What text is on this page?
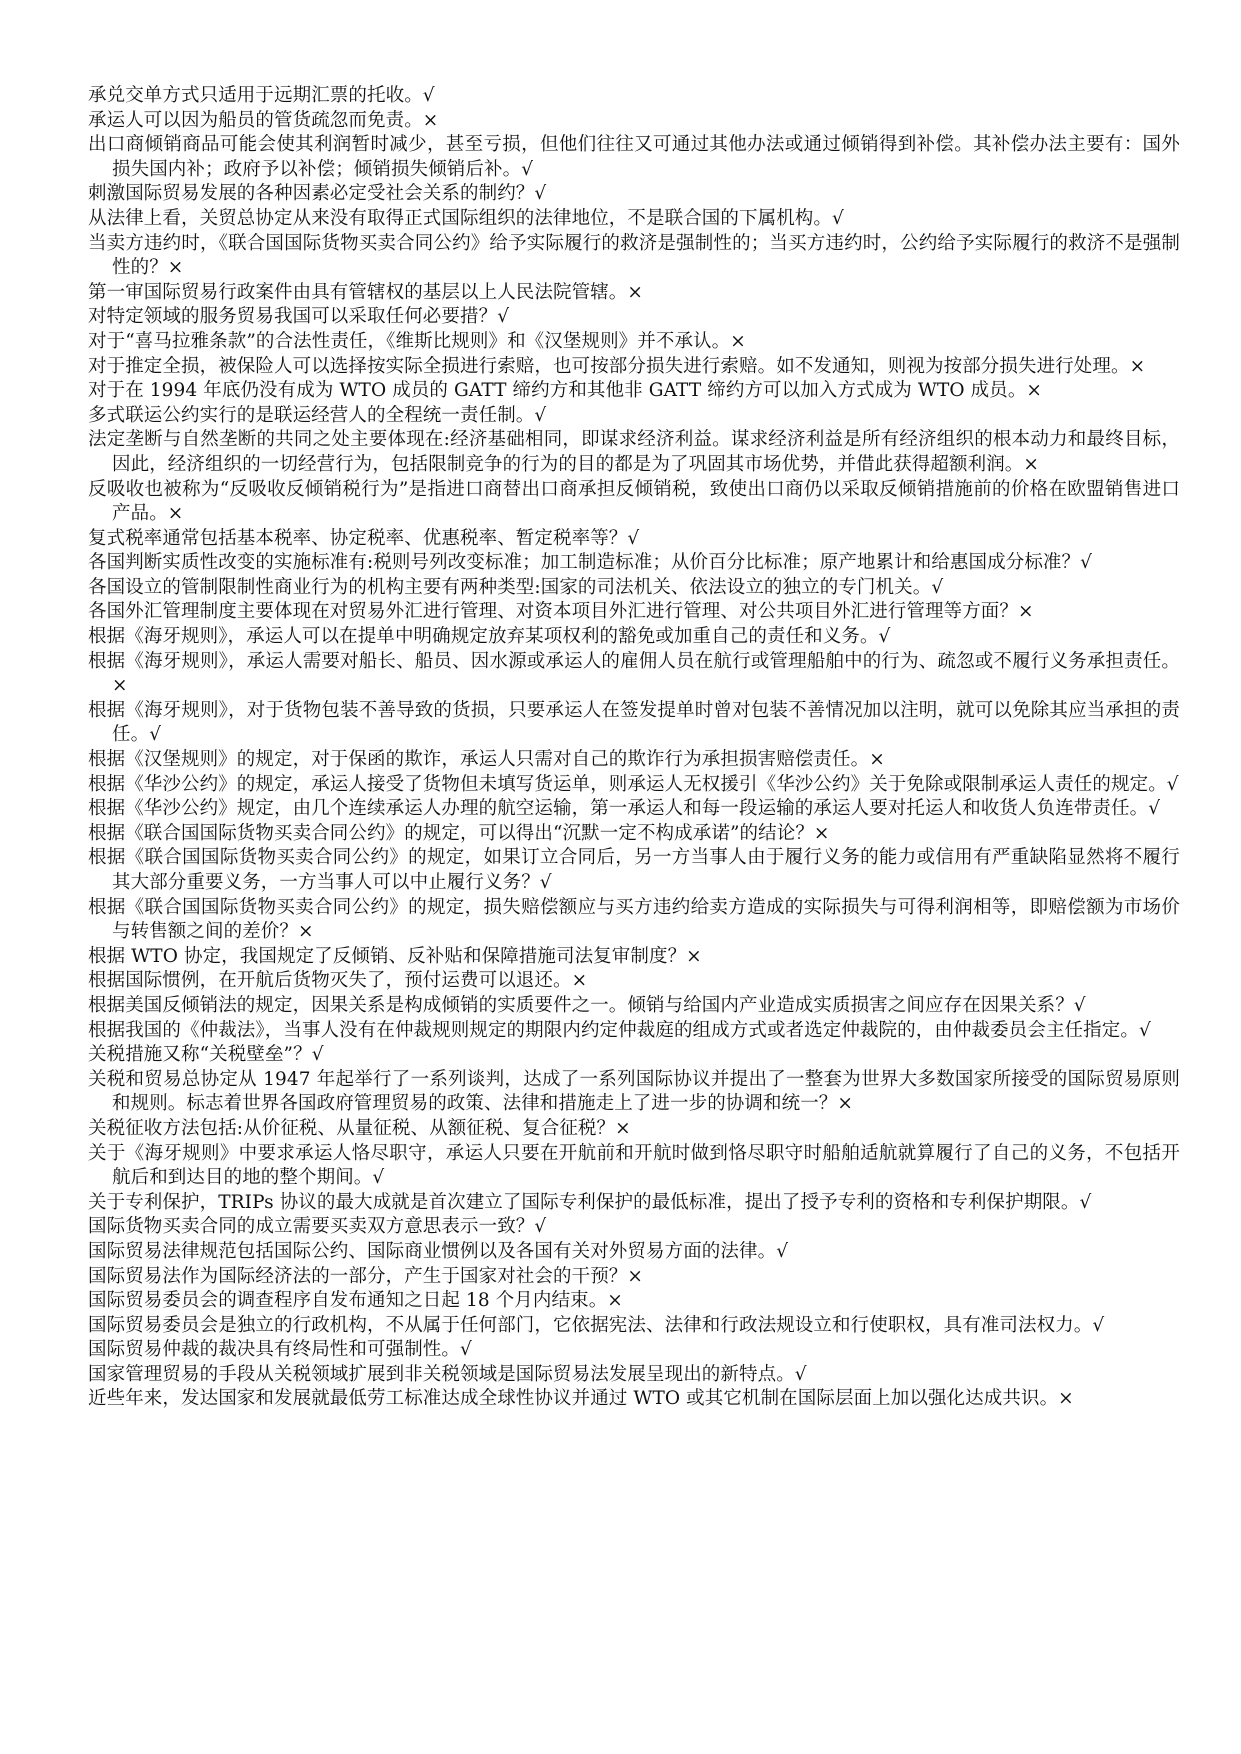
承兑交单方式只适用于远期汇票的托收。√

承运人可以因为船员的管货疏忽而免责。×

出口商倾销商品可能会使其利润暂时减少，甚至亏损，但他们往往又可通过其他办法或通过倾销得到补偿。其补偿办法主要有：国外损失国内补；政府予以补偿；倾销损失倾销后补。√

刺激国际贸易发展的各种因素必定受社会关系的制约？√

从法律上看，关贸总协定从来没有取得正式国际组织的法律地位，不是联合国的下属机构。√

当卖方违约时，《联合国国际货物买卖合同公约》给予实际履行的救济是强制性的；当买方违约时，公约给予实际履行的救济不是强制性的？×

第一审国际贸易行政案件由具有管辖权的基层以上人民法院管辖。×

对特定领域的服务贸易我国可以采取任何必要措？√

对于“喜马拉雅条款”的合法性责任，《维斯比规则》和《汉堡规则》并不承认。×

对于推定全损，被保险人可以选择按实际全损进行索赔，也可按部分损失进行索赔。如不发通知，则视为按部分损失进行处理。×

对于在 1994 年底仍没有成为 WTO 成员的 GATT 缔约方和其他非 GATT 缔约方可以加入方式成为 WTO 成员。×

多式联运公约实行的是联运经营人的全程统一责任制。√

法定垄断与自然垄断的共同之处主要体现在:经济基础相同，即谋求经济利益。谋求经济利益是所有经济组织的根本动力和最终目标，因此，经济组织的一切经营行为，包括限制竞争的行为的目的都是为了巩固其市场优势，并借此获得超额利润。×

反吸收也被称为“反吸收反倾销税行为”是指进口商替出口商承担反倾销税，致使出口商仍以采取反倾销措施前的价格在欧盟销售进口产品。×

复式税率通常包括基本税率、协定税率、优惠税率、暂定税率等？√

各国判断实质性改变的实施标准有:税则号列改变标准；加工制造标准；从价百分比标准；原产地累计和给惠国成分标准？√

各国设立的管制限制性商业行为的机构主要有两种类型:国家的司法机关、依法设立的独立的专门机关。√

各国外汇管理制度主要体现在对贸易外汇进行管理、对资本项目外汇进行管理、对公共项目外汇进行管理等方面？×

根据《海牙规则》，承运人可以在提单中明确规定放弃某项权利的豁免或加重自己的责任和义务。√

根据《海牙规则》，承运人需要对船长、船员、因水源或承运人的雇佣人员在航行或管理船舶中的行为、疏忽或不履行义务承担责任。×

根据《海牙规则》，对于货物包装不善导致的货损，只要承运人在签发提单时曾对包装不善情况加以注明，就可以免除其应当承担的责任。√

根据《汉堡规则》的规定，对于保函的欺诈，承运人只需对自己的欺诈行为承担损害赔偿责任。×

根据《华沙公约》的规定，承运人接受了货物但未填写货运单，则承运人无权援引《华沙公约》关于免除或限制承运人责任的规定。√

根据《华沙公约》规定，由几个连续承运人办理的航空运输，第一承运人和每一段运输的承运人要对托运人和收货人负连带责任。√

根据《联合国国际货物买卖合同公约》的规定，可以得出“沉默一定不构成承诺”的结论？×

根据《联合国国际货物买卖合同公约》的规定，如果订立合同后，另一方当事人由于履行义务的能力或信用有严重缺陷显然将不履行其大部分重要义务，一方当事人可以中止履行义务？√

根据《联合国国际货物买卖合同公约》的规定，损失赔偿额应与买方违约给卖方造成的实际损失与可得利润相等，即赔偿额为市场价与转售额之间的差价？×

根据 WTO 协定，我国规定了反倾销、反补贴和保障措施司法复审制度？×

根据国际惯例，在开航后货物灭失了，预付运费可以退还。×

根据美国反倾销法的规定，因果关系是构成倾销的实质要件之一。倾销与给国内产业造成实质损害之间应存在因果关系？√

根据我国的《仲裁法》，当事人没有在仲裁规则规定的期限内约定仲裁庭的组成方式或者选定仲裁院的，由仲裁委员会主任指定。√

关税措施又称“关税壁垒”？√

关税和贸易总协定从 1947 年起举行了一系列谈判，达成了一系列国际协议并提出了一整套为世界大多数国家所接受的国际贸易原则和规则。标志着世界各国政府管理贸易的政策、法律和措施走上了进一步的协调和统一？×

关税征收方法包括:从价征税、从量征税、从额征税、复合征税？×

关于《海牙规则》中要求承运人恪尽职守，承运人只要在开航前和开航时做到恪尽职守时船舶适航就算履行了自己的义务，不包括开航后和到达目的地的整个期间。√

关于专利保护，TRIPs 协议的最大成就是首次建立了国际专利保护的最低标准，提出了授予专利的资格和专利保护期限。√

国际货物买卖合同的成立需要买卖双方意思表示一致？√

国际贸易法律规范包括国际公约、国际商业惯例以及各国有关对外贸易方面的法律。√

国际贸易法作为国际经济法的一部分，产生于国家对社会的干预？×

国际贸易委员会的调查程序自发布通知之日起 18 个月内结束。×

国际贸易委员会是独立的行政机构，不从属于任何部门，它依据宪法、法律和行政法规设立和行使职权，具有准司法权力。√

国际贸易仲裁的裁决具有终局性和可强制性。√

国家管理贸易的手段从关税领域扩展到非关税领域是国际贸易法发展呈现出的新特点。√

近些年来，发达国家和发展就最低劳工标准达成全球性协议并通过 WTO 或其它机制在国际层面上加以强化达成共识。×
